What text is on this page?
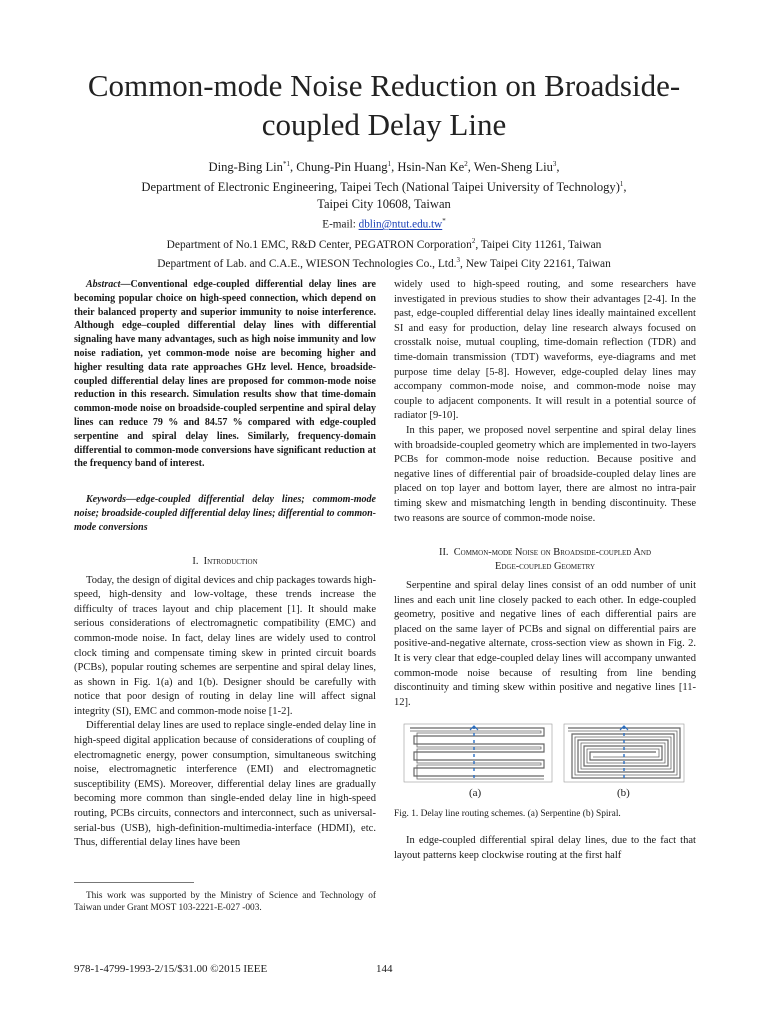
Common-mode Noise Reduction on Broadside-
coupled Delay Line
Ding-Bing Lin$^{*1}$, Chung-Pin Huang$^1$, Hsin-Nan Ke$^2$, Wen-Sheng Liu$^3$,
Department of Electronic Engineering, Taipei Tech (National Taipei University of Technology)$^1$,
Taipei City 10608, Taiwan
E-mail: dblin@ntut.edu.tw*
Department of No.1 EMC, R&D Center, PEGATRON Corporation$^2$, Taipei City 11261, Taiwan
Department of Lab. and C.A.E., WIESON Technologies Co., Ltd.$^3$, New Taipei City 22161, Taiwan

Abstract—Conventional edge-coupled differential delay lines are becoming popular choice on high-speed connection, which depend on their balanced property and superior immunity to noise interference. Although edge–coupled differential delay lines with differential signaling have many advantages, such as high noise immunity and low noise radiation, yet common-mode noise are becoming higher and higher resulting data rate approaches GHz level. Hence, broadside-coupled differential delay lines are proposed for common-mode noise reduction in this research. Simulation results show that time-domain common-mode noise on broadside-coupled serpentine and spiral delay lines can reduce 79 % and 84.57 % compared with edge-coupled serpentine and spiral delay lines. Similarly, frequency-domain differential to common-mode conversions have significant reduction at the frequency band of interest.

Keywords—edge-coupled differential delay lines; commom-mode noise; broadside-coupled differential delay lines; differential to common-mode conversions

I. Introduction

Today, the design of digital devices and chip packages towards high-speed, high-density and low-voltage, these trends increase the difficulty of traces layout and chip placement [1]. It should make serious considerations of electromagnetic compatibility (EMC) and common-mode noise. In fact, delay lines are widely used to control clock timing and compensate timing skew in printed circuit boards (PCBs), popular routing schemes are serpentine and spiral delay lines, as shown in Fig. 1(a) and 1(b). Designer should be carefully with notice that poor design of routing in delay line will affect signal integrity (SI), EMC and common-mode noise [1-2].

Differential delay lines are used to replace single-ended delay line in high-speed digital application because of considerations of coupling of electromagnetic energy, power consumption, simultaneous switching noise, electromagnetic interference (EMI) and electromagnetic susceptibility (EMS). Moreover, differential delay lines are gradually becoming more common than single-ended delay line in high-speed routing, PCBs circuits, connectors and interconnect, such as universal-serial-bus (USB), high-definition-multimedia-interface (HDMI), etc. Thus, differential delay lines have been

widely used to high-speed routing, and some researchers have investigated in previous studies to show their advantages [2-4]. In the past, edge-coupled differential delay lines ideally maintained excellent SI and easy for production, delay line research always focused on crosstalk noise, mutual coupling, time-domain reflection (TDR) and time-domain transmission (TDT) waveforms, eye-diagrams and met purpose time delay [5-8]. However, edge-coupled delay lines may accompany common-mode noise, and common-mode noise may couple to adjacent components. It will result in a potential source of radiator [9-10].

In this paper, we proposed novel serpentine and spiral delay lines with broadside-coupled geometry which are implemented in two-layers PCBs for common-mode noise reduction. Because positive and negative lines of differential pair of broadside-coupled delay lines are placed on top layer and bottom layer, there are almost no intra-pair timing skew and mismatching length in bending discontinuity. These two reasons are source of common-mode noise.

II. Common-mode Noise on Broadside-coupled And
Edge-coupled Geometry

Serpentine and spiral delay lines consist of an odd number of unit lines and each unit line closely packed to each other. In edge-coupled geometry, positive and negative lines of each differential pairs are placed on the same layer of PCBs and signal on differential pairs are positive-and-negative alternate, cross-section view as shown in Fig. 2. It is very clear that edge-coupled delay lines will accompany unwanted common-mode noise because of resulting from line bending discontinuity and timing skew within positive and negative lines [11-12].

(a)	(b)
Fig. 1. Delay line routing schemes. (a) Serpentine (b) Spiral.

In edge-coupled differential spiral delay lines, due to the fact that layout patterns keep clockwise routing at the first half

This work was supported by the Ministry of Science and Technology of Taiwan under Grant MOST 103-2221-E-027 -003.
978-1-4799-1993-2/15/$31.00 ©2015 IEEE	144
